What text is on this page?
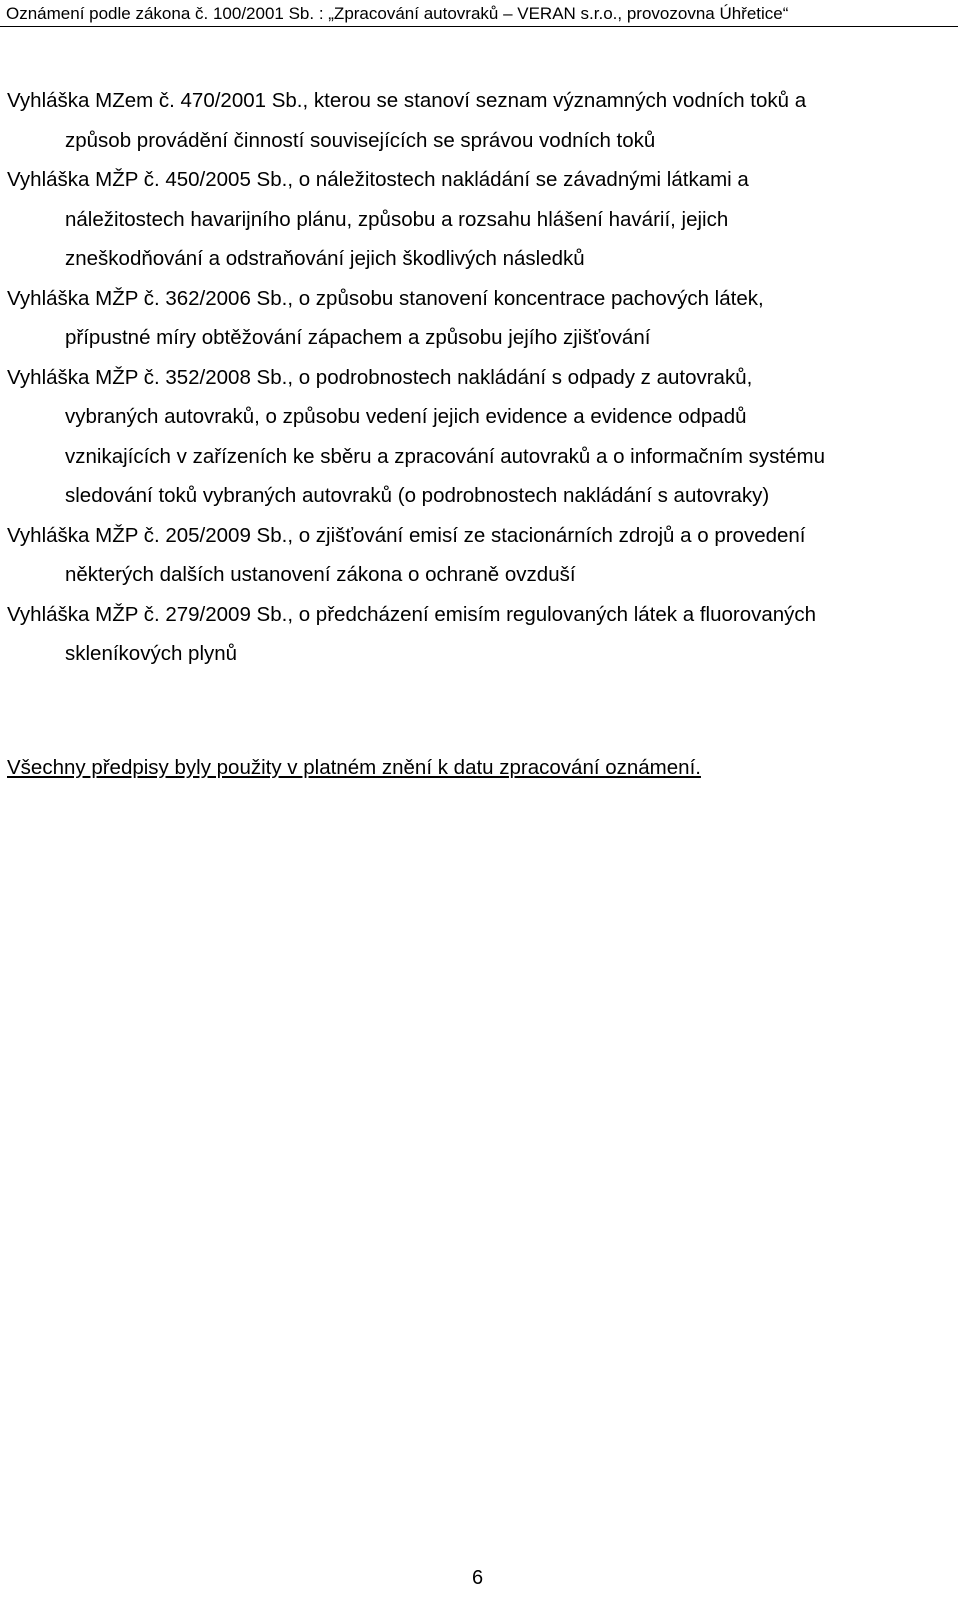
Oznámení podle zákona č. 100/2001 Sb. : „Zpracování autovraků – VERAN s.r.o., provozovna Úhřetice“
Vyhláška MZem č. 470/2001 Sb., kterou se stanoví seznam významných vodních toků a
způsob provádění činností souvisejících se správou vodních toků
Vyhláška MŽP č. 450/2005 Sb., o náležitostech nakládání se závadnými látkami a
náležitostech havarijního plánu, způsobu a rozsahu hlášení havárií, jejich
zneškodňování a odstraňování jejich škodlivých následků
Vyhláška MŽP č. 362/2006 Sb., o způsobu stanovení koncentrace pachových látek,
přípustné míry obtěžování zápachem a způsobu jejího zjišťování
Vyhláška MŽP č. 352/2008 Sb., o podrobnostech nakládání s odpady z autovraků,
vybraných autovraků, o způsobu vedení jejich evidence a evidence odpadů
vznikajících v zařízeních ke sběru a zpracování autovraků a o informačním systému
sledování toků vybraných autovraků (o podrobnostech nakládání s autovraky)
Vyhláška MŽP č. 205/2009 Sb., o zjišťování emisí ze stacionárních zdrojů a o provedení
některých dalších ustanovení zákona o ochraně ovzduší
Vyhláška MŽP č. 279/2009 Sb., o předcházení emisím regulovaných látek a fluorovaných
skleníkových plynů
Všechny předpisy byly použity v platném znění k datu zpracování oznámení.
6
